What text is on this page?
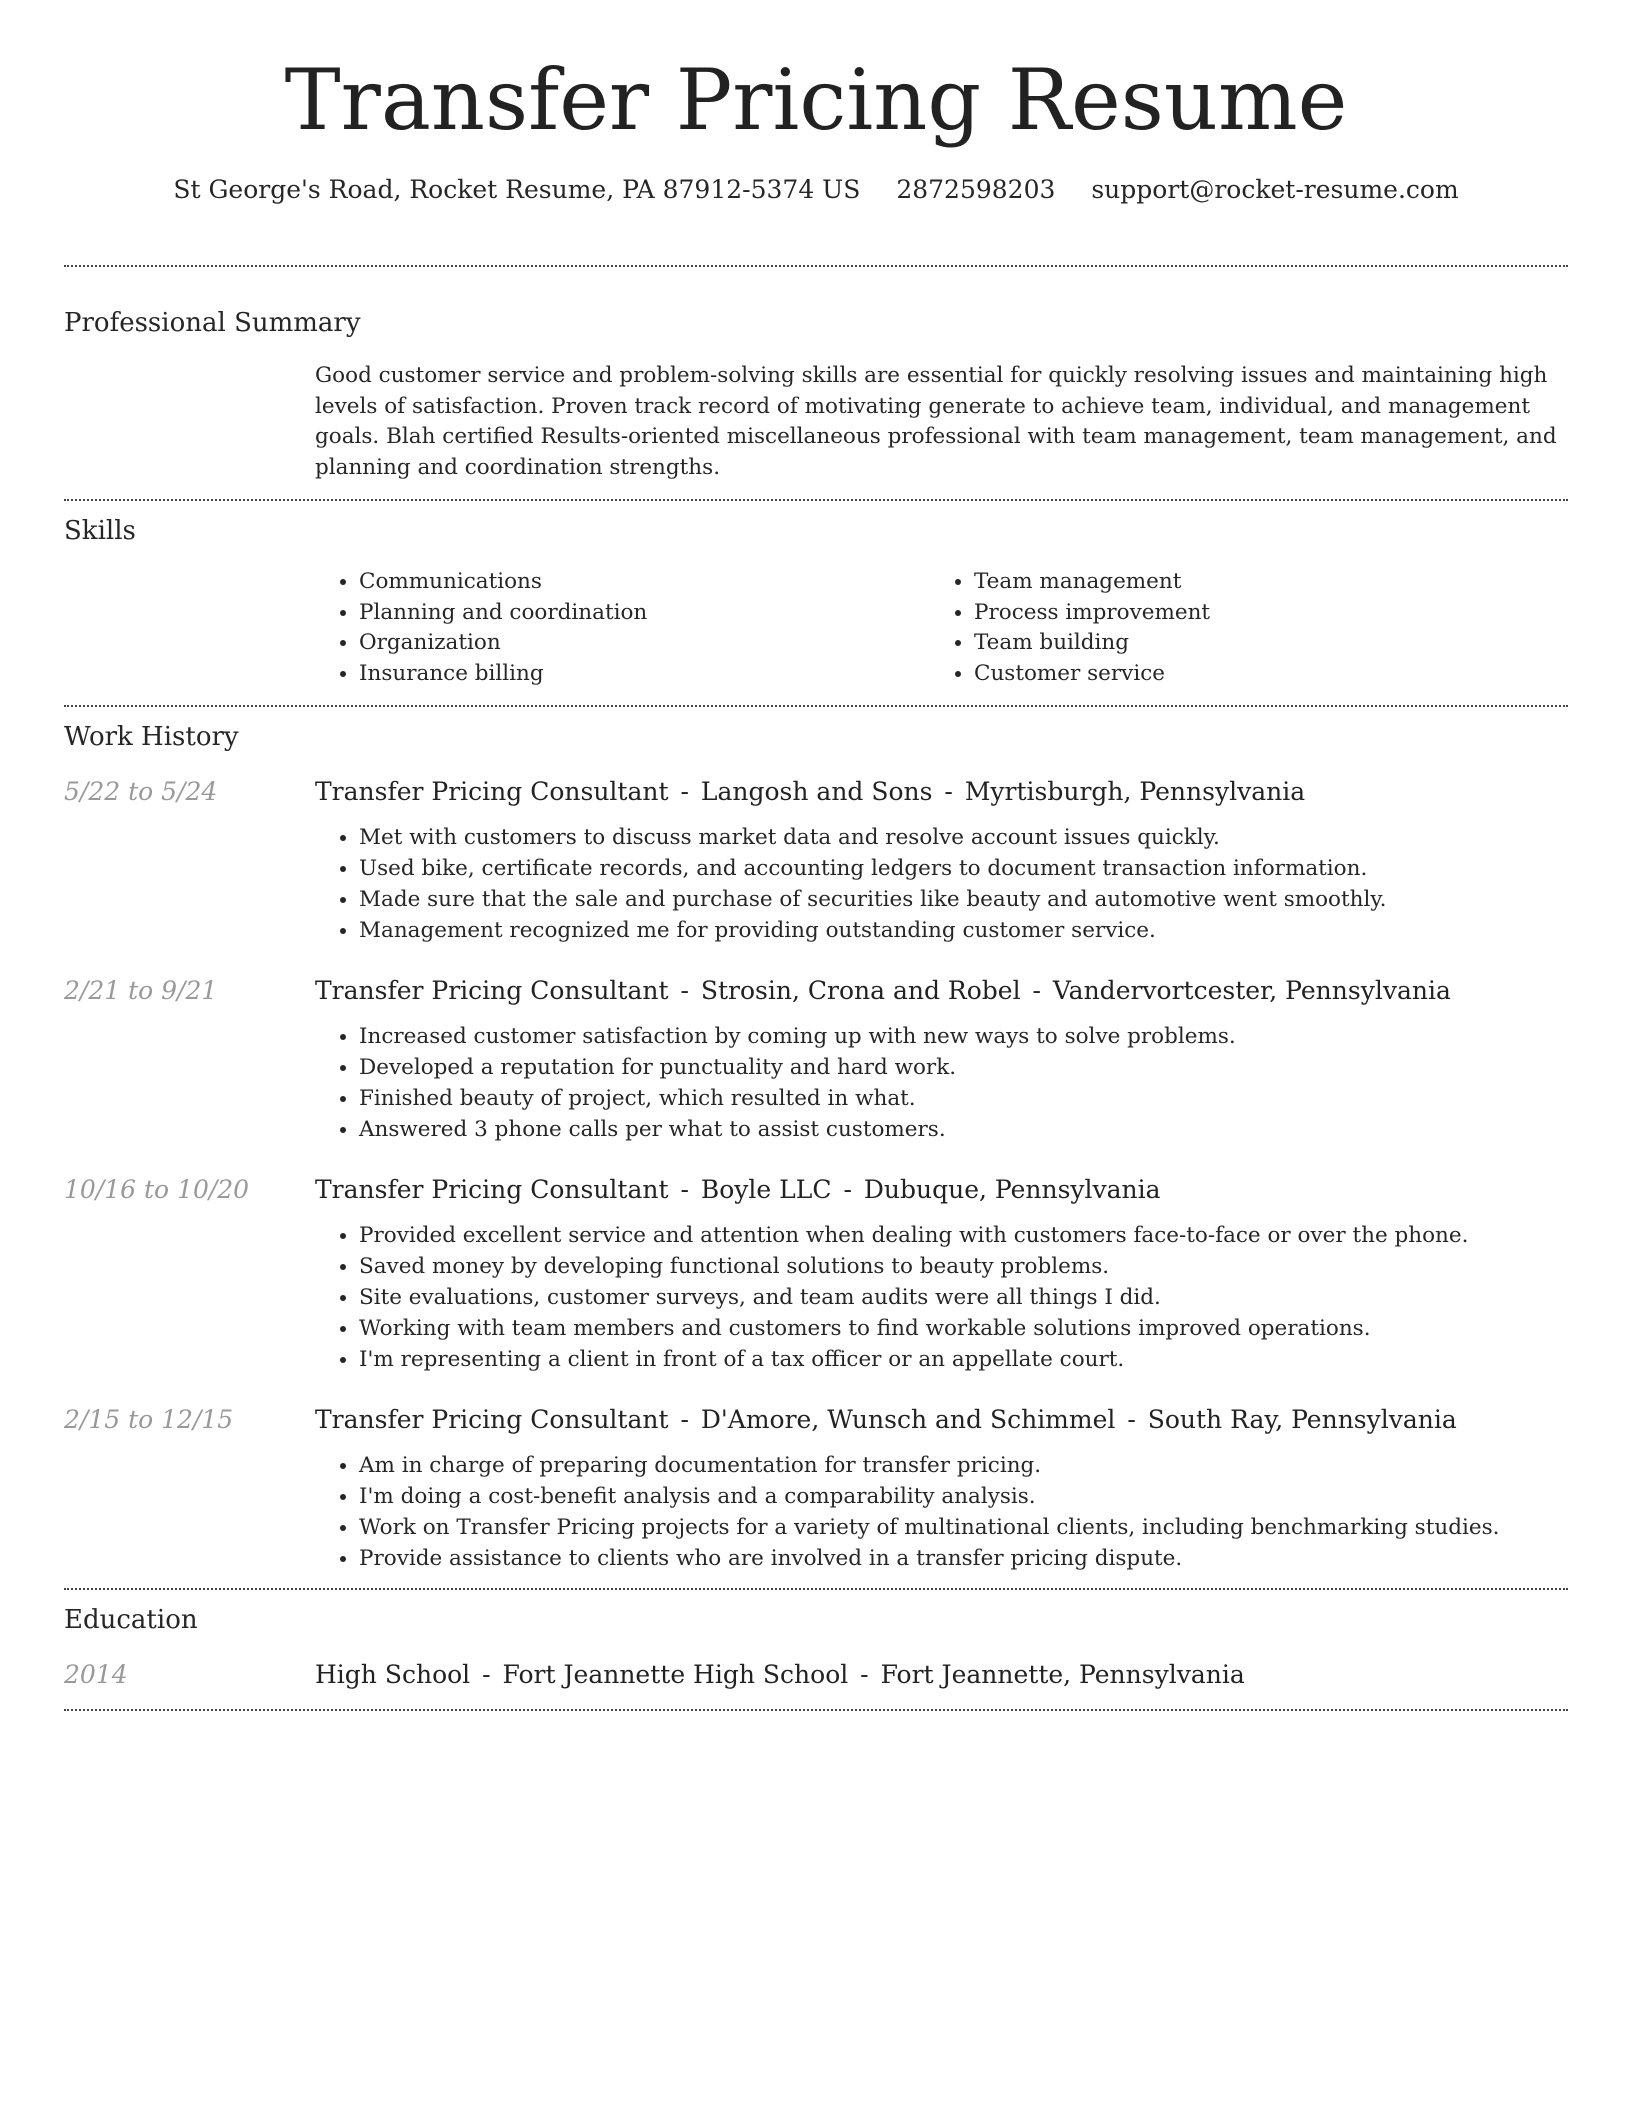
Transfer Pricing Resume
St George's Road, Rocket Resume, PA 87912-5374 US 2872598203 support@rocket-resume.com
Professional Summary

Good customer service and problem-solving skills are essential for quickly resolving issues and maintaining high levels of satisfaction. Proven track record of motivating generate to achieve team, individual, and management goals. Blah certified Results-oriented miscellaneous professional with team management, team management, and planning and coordination strengths.

Skills
• Communications
• Planning and coordination
• Organization
• Insurance billing
• Team management
• Process improvement
• Team building
• Customer service
Work History
5/22 to 5/24	Transfer Pricing Consultant - Langosh and Sons - Myrtisburgh, Pennsylvania
• Met with customers to discuss market data and resolve account issues quickly.
• Used bike, certificate records, and accounting ledgers to document transaction information.
• Made sure that the sale and purchase of securities like beauty and automotive went smoothly.
• Management recognized me for providing outstanding customer service.
2/21 to 9/21	Transfer Pricing Consultant - Strosin, Crona and Robel - Vandervortcester, Pennsylvania
• Increased customer satisfaction by coming up with new ways to solve problems.
• Developed a reputation for punctuality and hard work.
• Finished beauty of project, which resulted in what.
• Answered 3 phone calls per what to assist customers.
10/16 to 10/20	Transfer Pricing Consultant - Boyle LLC - Dubuque, Pennsylvania
• Provided excellent service and attention when dealing with customers face-to-face or over the phone.
• Saved money by developing functional solutions to beauty problems.
• Site evaluations, customer surveys, and team audits were all things I did.
• Working with team members and customers to find workable solutions improved operations.
• I'm representing a client in front of a tax officer or an appellate court.
2/15 to 12/15	Transfer Pricing Consultant - D'Amore, Wunsch and Schimmel - South Ray, Pennsylvania
• Am in charge of preparing documentation for transfer pricing.
• I'm doing a cost-benefit analysis and a comparability analysis.
• Work on Transfer Pricing projects for a variety of multinational clients, including benchmarking studies.
• Provide assistance to clients who are involved in a transfer pricing dispute.
Education
2014	High School - Fort Jeannette High School - Fort Jeannette, Pennsylvania
